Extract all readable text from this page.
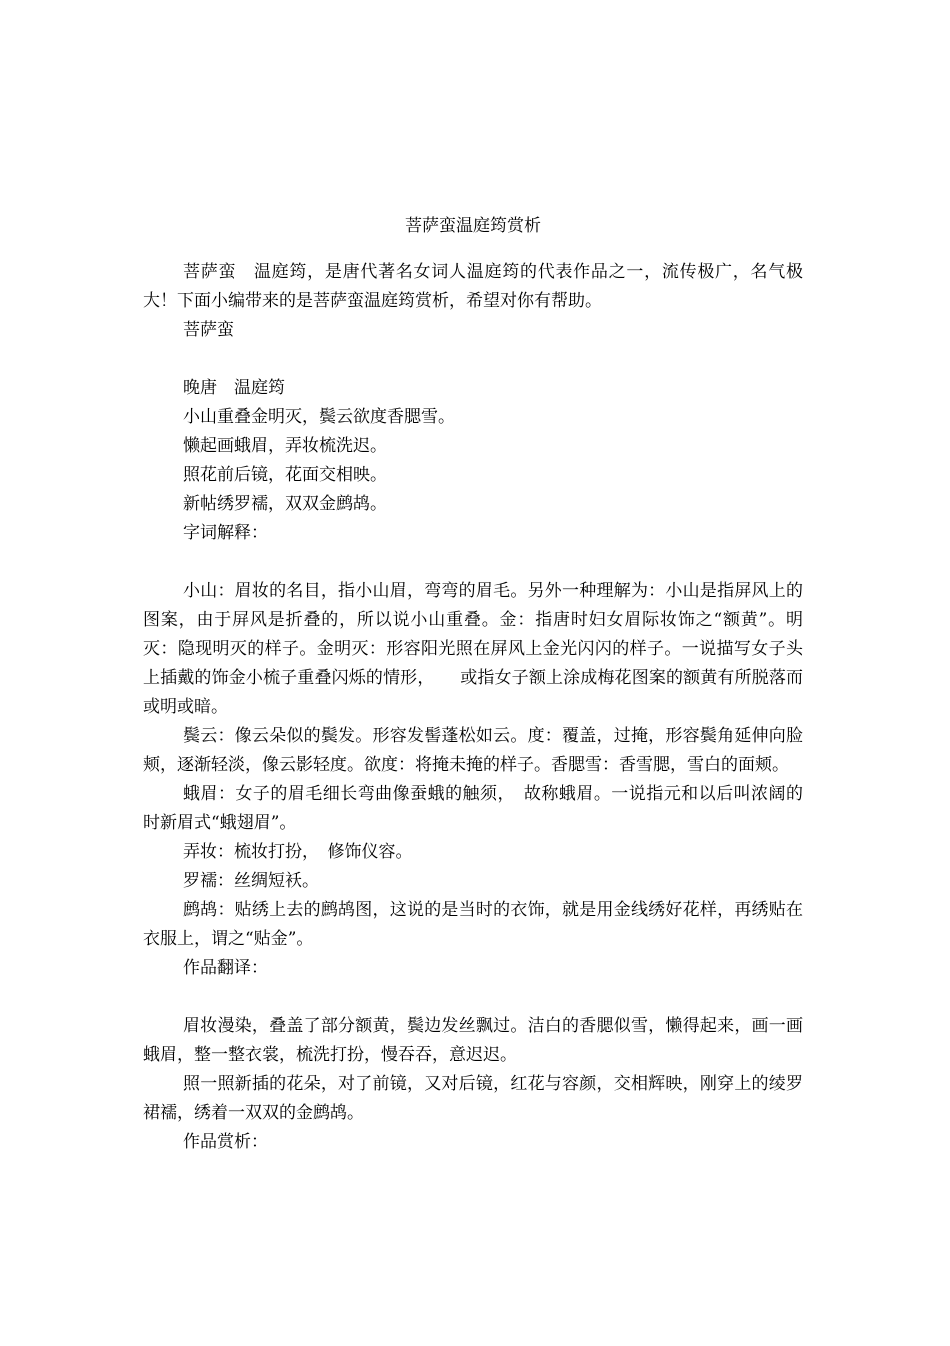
菩萨蛮温庭筠赏析

菩萨蛮　温庭筠，是唐代著名女词人温庭筠的代表作品之一，流传极广，名气极大！下面小编带来的是菩萨蛮温庭筠赏析，希望对你有帮助。

菩萨蛮

晚唐　温庭筠

小山重叠金明灭，鬓云欲度香腮雪。

懒起画蛾眉，弄妆梳洗迟。

照花前后镜，花面交相映。

新帖绣罗襦，双双金鹧鸪。

字词解释：

小山：眉妆的名目，指小山眉，弯弯的眉毛。另外一种理解为：小山是指屏风上的图案，由于屏风是折叠的，所以说小山重叠。金：指唐时妇女眉际妆饰之“额黄”。明灭：隐现明灭的样子。金明灭：形容阳光照在屏风上金光闪闪的样子。一说描写女子头上插戴的饰金小梳子重叠闪烁的情形，　　或指女子额上涂成梅花图案的额黄有所脱落而或明或暗。

鬓云：像云朵似的鬓发。形容发髻蓬松如云。度：覆盖，过掩，形容鬓角延伸向脸颊，逐渐轻淡，像云影轻度。欲度：将掩未掩的样子。香腮雪：香雪腮，雪白的面颊。

蛾眉：女子的眉毛细长弯曲像蚕蛾的触须，　故称蛾眉。一说指元和以后叫浓阔的时新眉式“蛾翅眉”。

弄妆：梳妆打扮，　修饰仪容。

罗襦：丝绸短袄。

鹧鸪：贴绣上去的鹧鸪图，这说的是当时的衣饰，就是用金线绣好花样，再绣贴在衣服上，谓之“贴金”。

作品翻译：

眉妆漫染，叠盖了部分额黄，鬓边发丝飘过。洁白的香腮似雪，懒得起来，画一画蛾眉，整一整衣裳，梳洗打扮，慢吞吞，意迟迟。

照一照新插的花朵，对了前镜，又对后镜，红花与容颜，交相辉映，刚穿上的绫罗裙襦，绣着一双双的金鹧鸪。

作品赏析：
